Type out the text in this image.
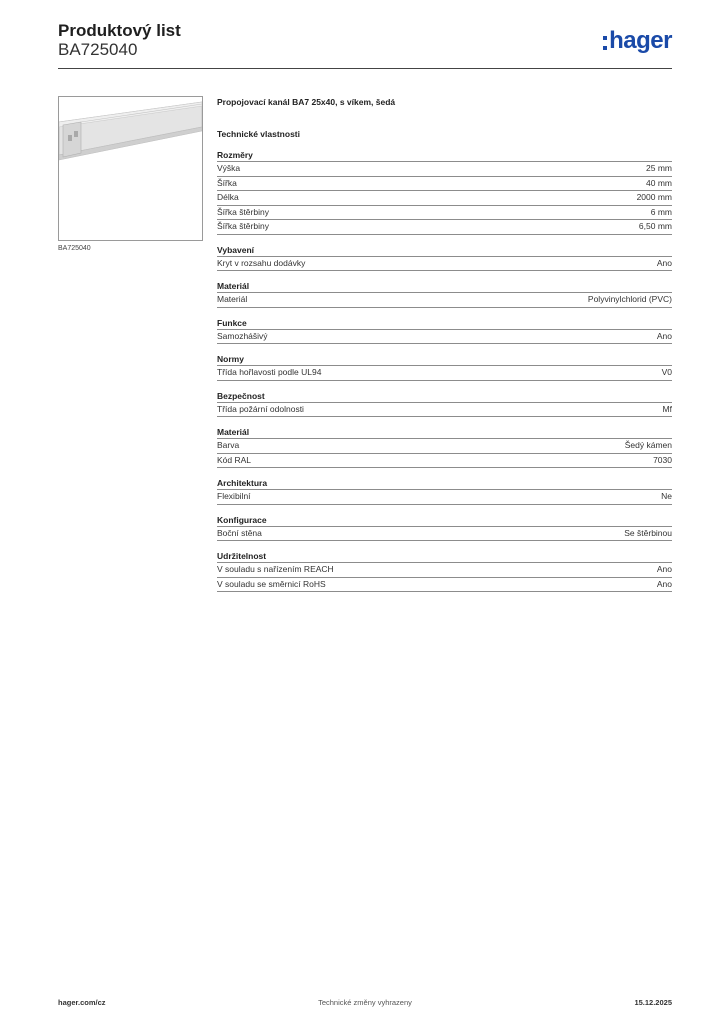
Produktový list
BA725040	hager
BA725040
Propojovací kanál BA7 25x40, s víkem, šedá
Technické vlastnosti
Rozměry
Výška	25 mm
Šířka	40 mm
Délka	2000 mm
Šířka štěrbiny	6 mm
Šířka štěrbiny	6,50 mm
Vybavení
Kryt v rozsahu dodávky	Ano
Materiál
Materiál	Polyvinylchlorid (PVC)
Funkce
Samozhášivý	Ano
Normy
Třída hořlavosti podle UL94	V0
Bezpečnost
Třída požární odolnosti	Mf
Materiál
Barva	Šedý kámen
Kód RAL	7030
Architektura
Flexibilní	Ne
Konfigurace
Boční stěna	Se štěrbinou
Udržitelnost
V souladu s nařízením REACH	Ano
V souladu se směrnicí RoHS	Ano
hager.com/cz	Technické změny vyhrazeny	15.12.2025
